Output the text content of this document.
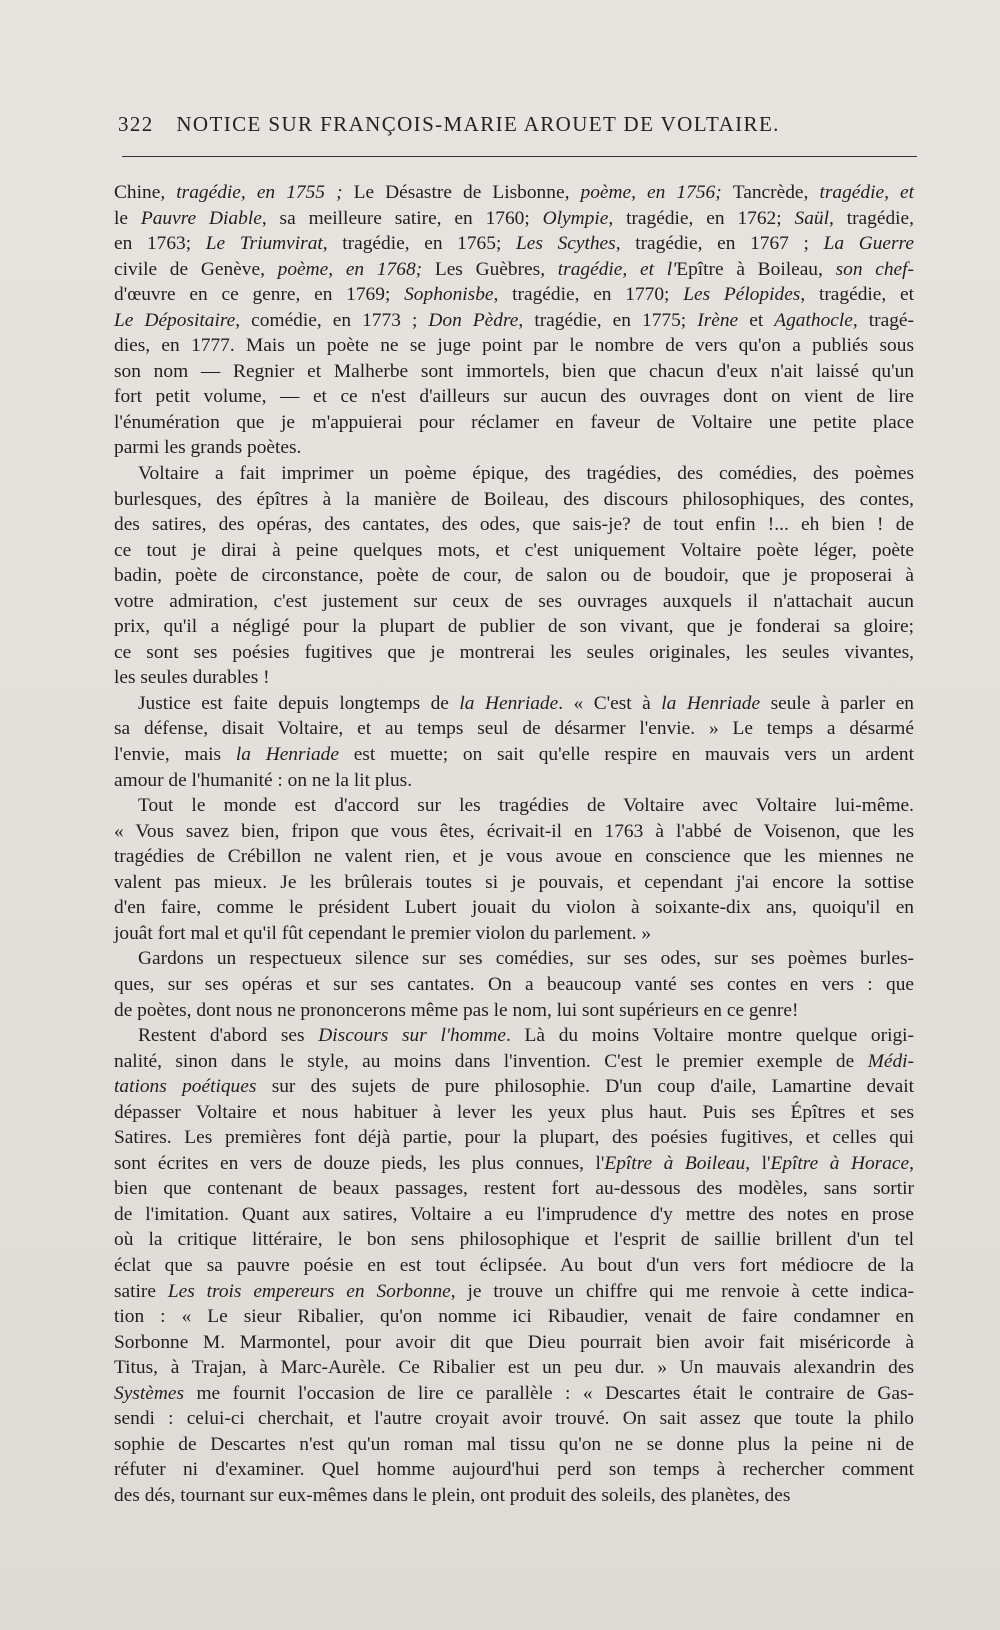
322 NOTICE SUR FRANÇOIS-MARIE AROUET DE VOLTAIRE.
Chine, tragédie, en 1755 ; Le Désastre de Lisbonne, poème, en 1756; Tancrède, tragédie, et
le Pauvre Diable, sa meilleure satire, en 1760; Olympie, tragédie, en 1762; Saül, tragédie,
en 1763; Le Triumvirat, tragédie, en 1765; Les Scythes, tragédie, en 1767 ; La Guerre
civile de Genève, poème, en 1768; Les Guèbres, tragédie, et l'Epître à Boileau, son chef-
d'œuvre en ce genre, en 1769; Sophonisbe, tragédie, en 1770; Les Pélopides, tragédie, et
Le Dépositaire, comédie, en 1773 ; Don Pèdre, tragédie, en 1775; Irène et Agathocle, tragé-
dies, en 1777. Mais un poète ne se juge point par le nombre de vers qu'on a publiés sous
son nom — Regnier et Malherbe sont immortels, bien que chacun d'eux n'ait laissé qu'un
fort petit volume, — et ce n'est d'ailleurs sur aucun des ouvrages dont on vient de lire
l'énumération que je m'appuierai pour réclamer en faveur de Voltaire une petite place
parmi les grands poètes.
Voltaire a fait imprimer un poème épique, des tragédies, des comédies, des poèmes
burlesques, des épîtres à la manière de Boileau, des discours philosophiques, des contes,
des satires, des opéras, des cantates, des odes, que sais-je? de tout enfin !... eh bien ! de
ce tout je dirai à peine quelques mots, et c'est uniquement Voltaire poète léger, poète
badin, poète de circonstance, poète de cour, de salon ou de boudoir, que je proposerai à
votre admiration, c'est justement sur ceux de ses ouvrages auxquels il n'attachait aucun
prix, qu'il a négligé pour la plupart de publier de son vivant, que je fonderai sa gloire;
ce sont ses poésies fugitives que je montrerai les seules originales, les seules vivantes,
les seules durables !
Justice est faite depuis longtemps de la Henriade. « C'est à la Henriade seule à parler en
sa défense, disait Voltaire, et au temps seul de désarmer l'envie. » Le temps a désarmé
l'envie, mais la Henriade est muette; on sait qu'elle respire en mauvais vers un ardent
amour de l'humanité : on ne la lit plus.
Tout le monde est d'accord sur les tragédies de Voltaire avec Voltaire lui-même.
« Vous savez bien, fripon que vous êtes, écrivait-il en 1763 à l'abbé de Voisenon, que les
tragédies de Crébillon ne valent rien, et je vous avoue en conscience que les miennes ne
valent pas mieux. Je les brûlerais toutes si je pouvais, et cependant j'ai encore la sottise
d'en faire, comme le président Lubert jouait du violon à soixante-dix ans, quoiqu'il en
jouât fort mal et qu'il fût cependant le premier violon du parlement. »
Gardons un respectueux silence sur ses comédies, sur ses odes, sur ses poèmes burles-
ques, sur ses opéras et sur ses cantates. On a beaucoup vanté ses contes en vers : que
de poètes, dont nous ne prononcerons même pas le nom, lui sont supérieurs en ce genre!
Restent d'abord ses Discours sur l'homme. Là du moins Voltaire montre quelque origi-
nalité, sinon dans le style, au moins dans l'invention. C'est le premier exemple de Médi-
tations poétiques sur des sujets de pure philosophie. D'un coup d'aile, Lamartine devait
dépasser Voltaire et nous habituer à lever les yeux plus haut. Puis ses Épîtres et ses
Satires. Les premières font déjà partie, pour la plupart, des poésies fugitives, et celles qui
sont écrites en vers de douze pieds, les plus connues, l'Epître à Boileau, l'Epître à Horace,
bien que contenant de beaux passages, restent fort au-dessous des modèles, sans sortir
de l'imitation. Quant aux satires, Voltaire a eu l'imprudence d'y mettre des notes en prose
où la critique littéraire, le bon sens philosophique et l'esprit de saillie brillent d'un tel
éclat que sa pauvre poésie en est tout éclipsée. Au bout d'un vers fort médiocre de la
satire Les trois empereurs en Sorbonne, je trouve un chiffre qui me renvoie à cette indica-
tion : « Le sieur Ribalier, qu'on nomme ici Ribaudier, venait de faire condamner en
Sorbonne M. Marmontel, pour avoir dit que Dieu pourrait bien avoir fait miséricorde à
Titus, à Trajan, à Marc-Aurèle. Ce Ribalier est un peu dur. » Un mauvais alexandrin des
Systèmes me fournit l'occasion de lire ce parallèle : « Descartes était le contraire de Gas-
sendi : celui-ci cherchait, et l'autre croyait avoir trouvé. On sait assez que toute la philo
sophie de Descartes n'est qu'un roman mal tissu qu'on ne se donne plus la peine ni de
réfuter ni d'examiner. Quel homme aujourd'hui perd son temps à rechercher comment
des dés, tournant sur eux-mêmes dans le plein, ont produit des soleils, des planètes, des
